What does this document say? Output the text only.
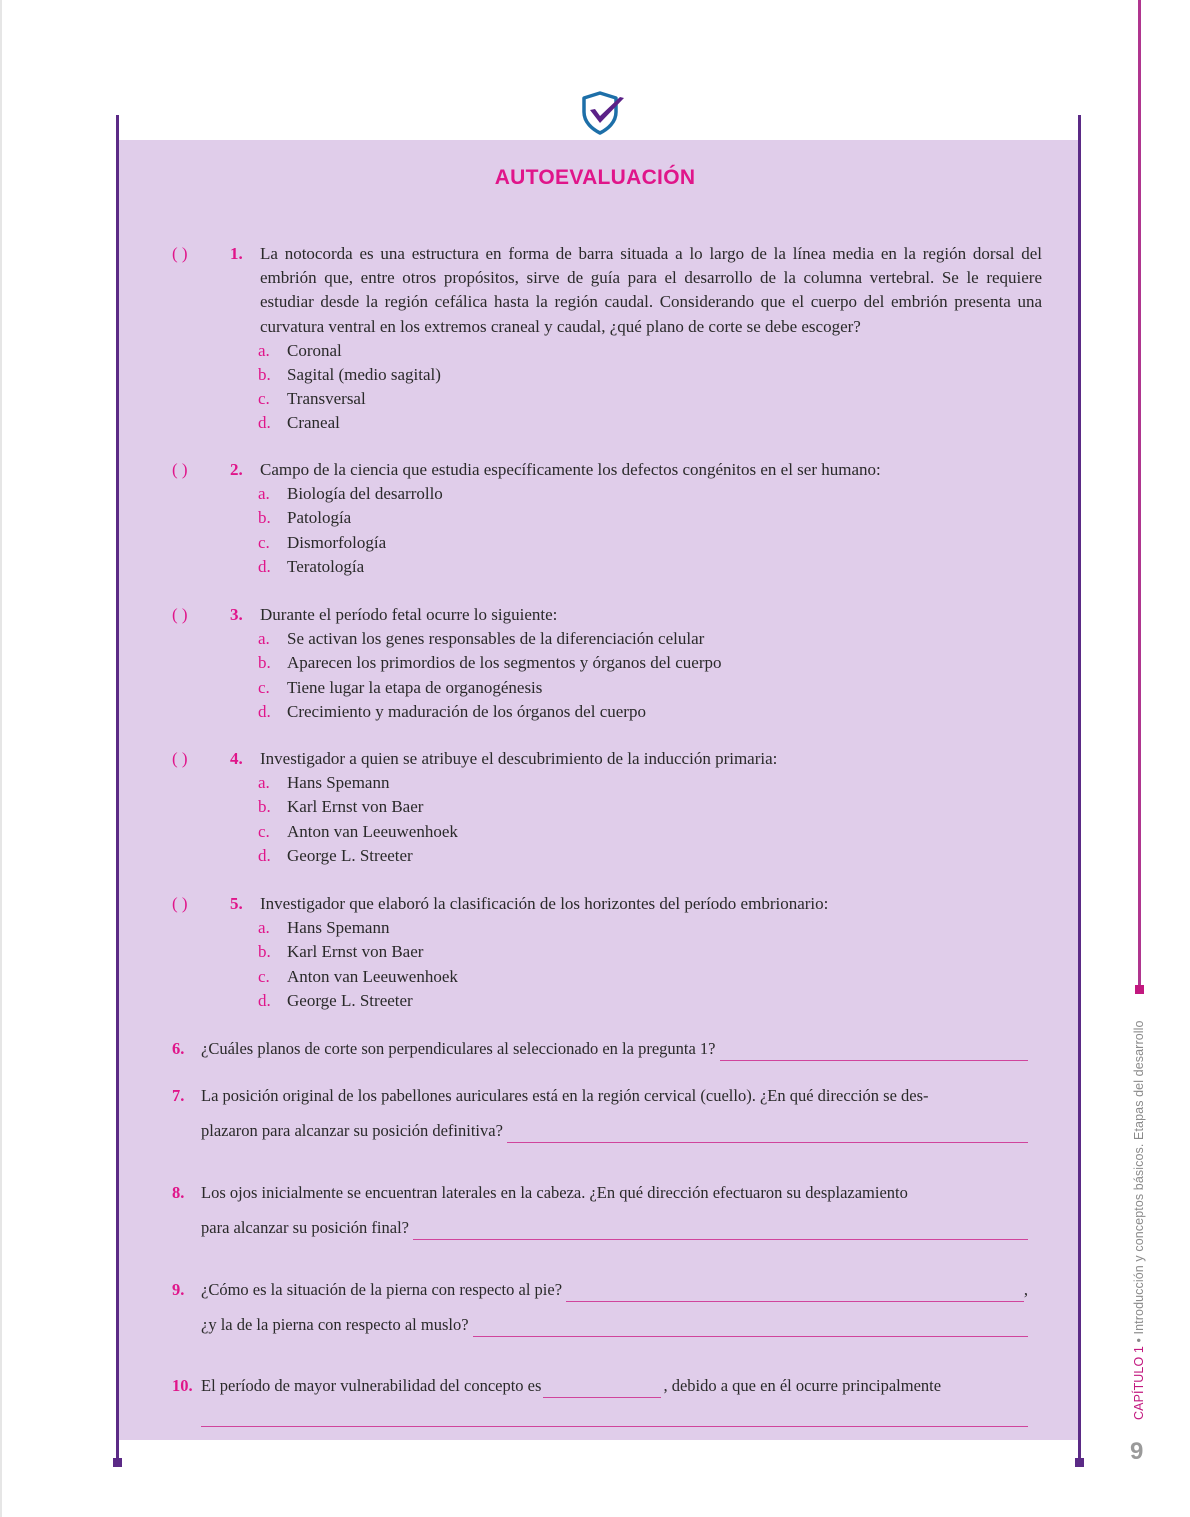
CAPÍTULO 1 • Introducción y conceptos básicos. Etapas del desarrollo
9
AUTOEVALUACIÓN
( )	1.	La notocorda es una estructura en forma de barra situada a lo largo de la línea media en la región dorsal del embrión que, entre otros propósitos, sirve de guía para el desarrollo de la columna vertebral. Se le requiere estudiar desde la región cefálica hasta la región caudal. Considerando que el cuerpo del embrión presenta una curvatura ventral en los extremos craneal y caudal, ¿qué plano de corte se debe escoger?
a.	Coronal
b. Sagital (medio sagital)
c.	Transversal
d. Craneal
( )	2.	Campo de la ciencia que estudia específicamente los defectos congénitos en el ser humano:
a.	Biología del desarrollo
b. Patología
c.	Dismorfología
d. Teratología
( )	3.	Durante el período fetal ocurre lo siguiente:
a.	Se activan los genes responsables de la diferenciación celular
b. Aparecen los primordios de los segmentos y órganos del cuerpo
c.	Tiene lugar la etapa de organogénesis
d. Crecimiento y maduración de los órganos del cuerpo
( )	4.	Investigador a quien se atribuye el descubrimiento de la inducción primaria:
a.	Hans Spemann
b. Karl Ernst von Baer
c.	Anton van Leeuwenhoek
d. George L. Streeter
( )	5.	Investigador que elaboró la clasificación de los horizontes del período embrionario:
a.	Hans Spemann
b. Karl Ernst von Baer
c.	Anton van Leeuwenhoek
d. George L. Streeter
6.	¿Cuáles planos de corte son perpendiculares al seleccionado en la pregunta 1?
7.	La posición original de los pabellones auriculares está en la región cervical (cuello). ¿En qué dirección se des-
plazaron para alcanzar su posición definitiva?
8.	Los ojos inicialmente se encuentran laterales en la cabeza. ¿En qué dirección efectuaron su desplazamiento
para alcanzar su posición final?
9.	¿Cómo es la situación de la pierna con respecto al pie?	,
¿y la de la pierna con respecto al muslo?
10. El período de mayor vulnerabilidad del concepto es	, debido a que en él ocurre principalmente
